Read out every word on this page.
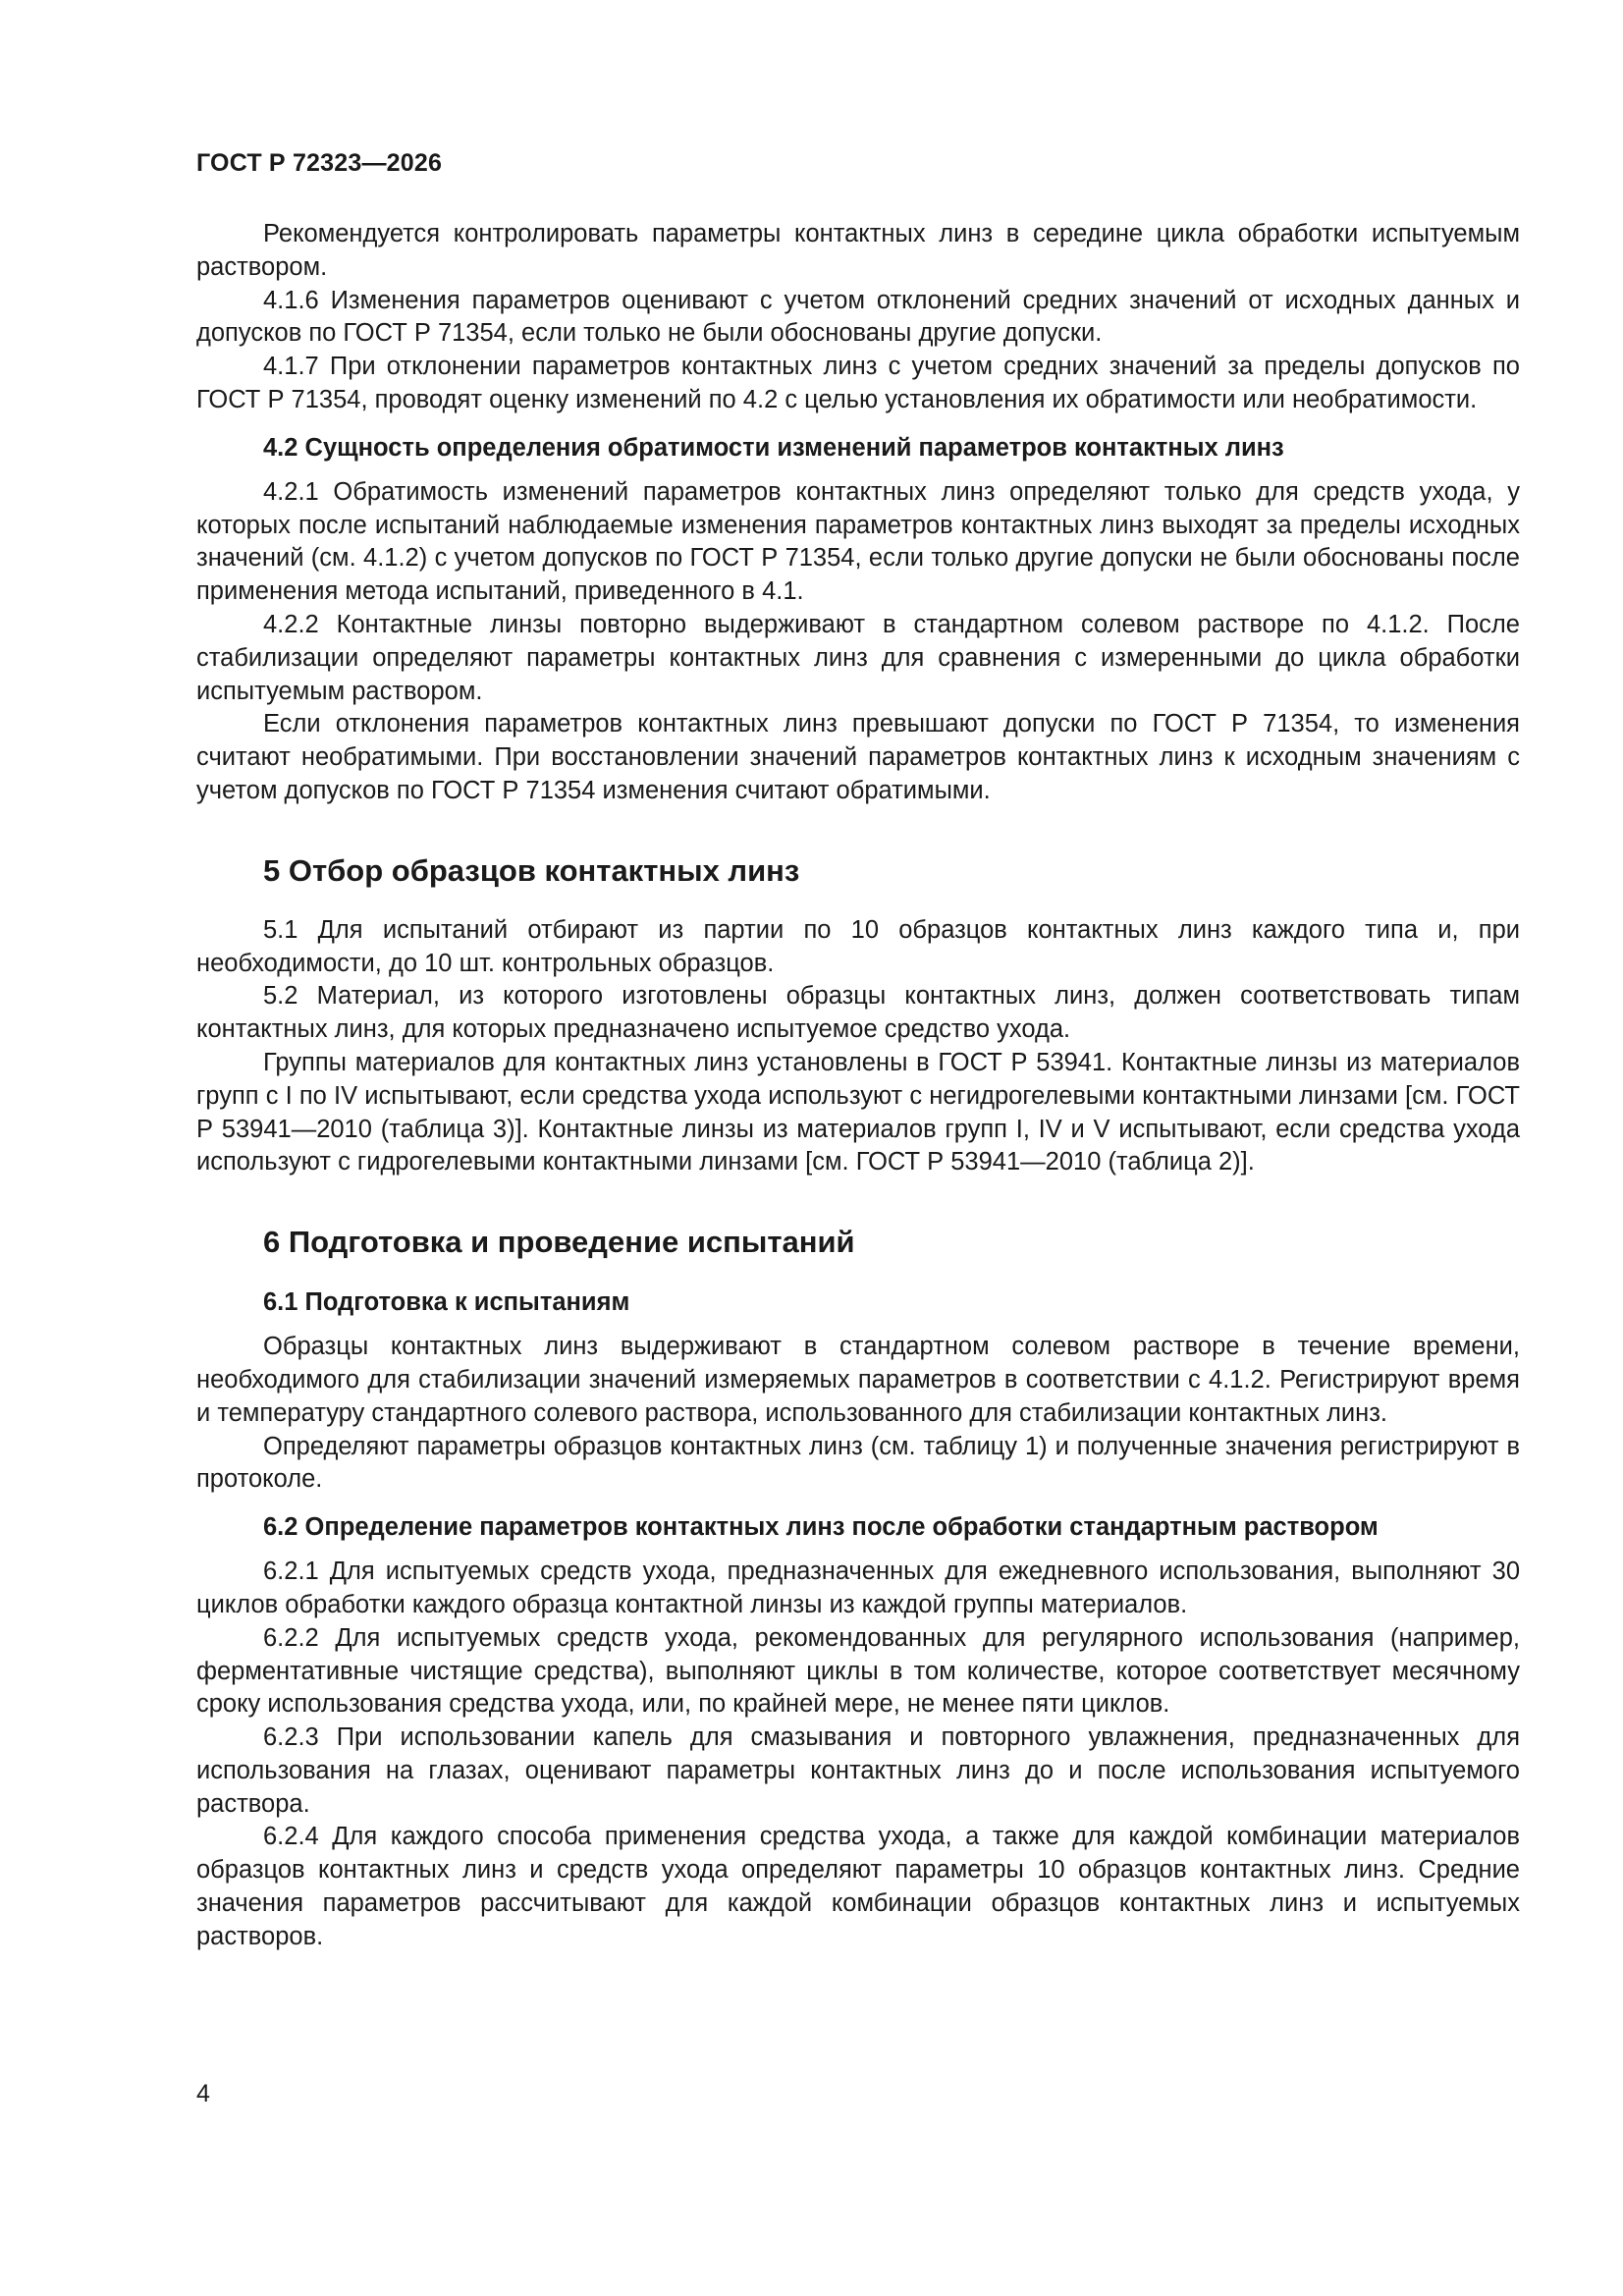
ГОСТ Р 72323—2026

Рекомендуется контролировать параметры контактных линз в середине цикла обработки испытуемым раствором.

4.1.6 Изменения параметров оценивают с учетом отклонений средних значений от исходных данных и допусков по ГОСТ Р 71354, если только не были обоснованы другие допуски.

4.1.7 При отклонении параметров контактных линз с учетом средних значений за пределы допусков по ГОСТ Р 71354, проводят оценку изменений по 4.2 с целью установления их обратимости или необратимости.

4.2 Сущность определения обратимости изменений параметров контактных линз

4.2.1 Обратимость изменений параметров контактных линз определяют только для средств ухода, у которых после испытаний наблюдаемые изменения параметров контактных линз выходят за пределы исходных значений (см. 4.1.2) с учетом допусков по ГОСТ Р 71354, если только другие допуски не были обоснованы после применения метода испытаний, приведенного в 4.1.

4.2.2 Контактные линзы повторно выдерживают в стандартном солевом растворе по 4.1.2. После стабилизации определяют параметры контактных линз для сравнения с измеренными до цикла обработки испытуемым раствором.

Если отклонения параметров контактных линз превышают допуски по ГОСТ Р 71354, то изменения считают необратимыми. При восстановлении значений параметров контактных линз к исходным значениям с учетом допусков по ГОСТ Р 71354 изменения считают обратимыми.

5 Отбор образцов контактных линз

5.1 Для испытаний отбирают из партии по 10 образцов контактных линз каждого типа и, при необходимости, до 10 шт. контрольных образцов.

5.2 Материал, из которого изготовлены образцы контактных линз, должен соответствовать типам контактных линз, для которых предназначено испытуемое средство ухода.

Группы материалов для контактных линз установлены в ГОСТ Р 53941. Контактные линзы из материалов групп с I по IV испытывают, если средства ухода используют с негидрогелевыми контактными линзами [см. ГОСТ Р 53941—2010 (таблица 3)]. Контактные линзы из материалов групп I, IV и V испытывают, если средства ухода используют с гидрогелевыми контактными линзами [см. ГОСТ Р 53941—2010 (таблица 2)].

6 Подготовка и проведение испытаний
6.1 Подготовка к испытаниям

Образцы контактных линз выдерживают в стандартном солевом растворе в течение времени, необходимого для стабилизации значений измеряемых параметров в соответствии с 4.1.2. Регистрируют время и температуру стандартного солевого раствора, использованного для стабилизации контактных линз.

Определяют параметры образцов контактных линз (см. таблицу 1) и полученные значения регистрируют в протоколе.

6.2 Определение параметров контактных линз после обработки стандартным раствором

6.2.1 Для испытуемых средств ухода, предназначенных для ежедневного использования, выполняют 30 циклов обработки каждого образца контактной линзы из каждой группы материалов.

6.2.2 Для испытуемых средств ухода, рекомендованных для регулярного использования (например, ферментативные чистящие средства), выполняют циклы в том количестве, которое соответствует месячному сроку использования средства ухода, или, по крайней мере, не менее пяти циклов.

6.2.3 При использовании капель для смазывания и повторного увлажнения, предназначенных для использования на глазах, оценивают параметры контактных линз до и после использования испытуемого раствора.

6.2.4 Для каждого способа применения средства ухода, а также для каждой комбинации материалов образцов контактных линз и средств ухода определяют параметры 10 образцов контактных линз. Средние значения параметров рассчитывают для каждой комбинации образцов контактных линз и испытуемых растворов.

4
